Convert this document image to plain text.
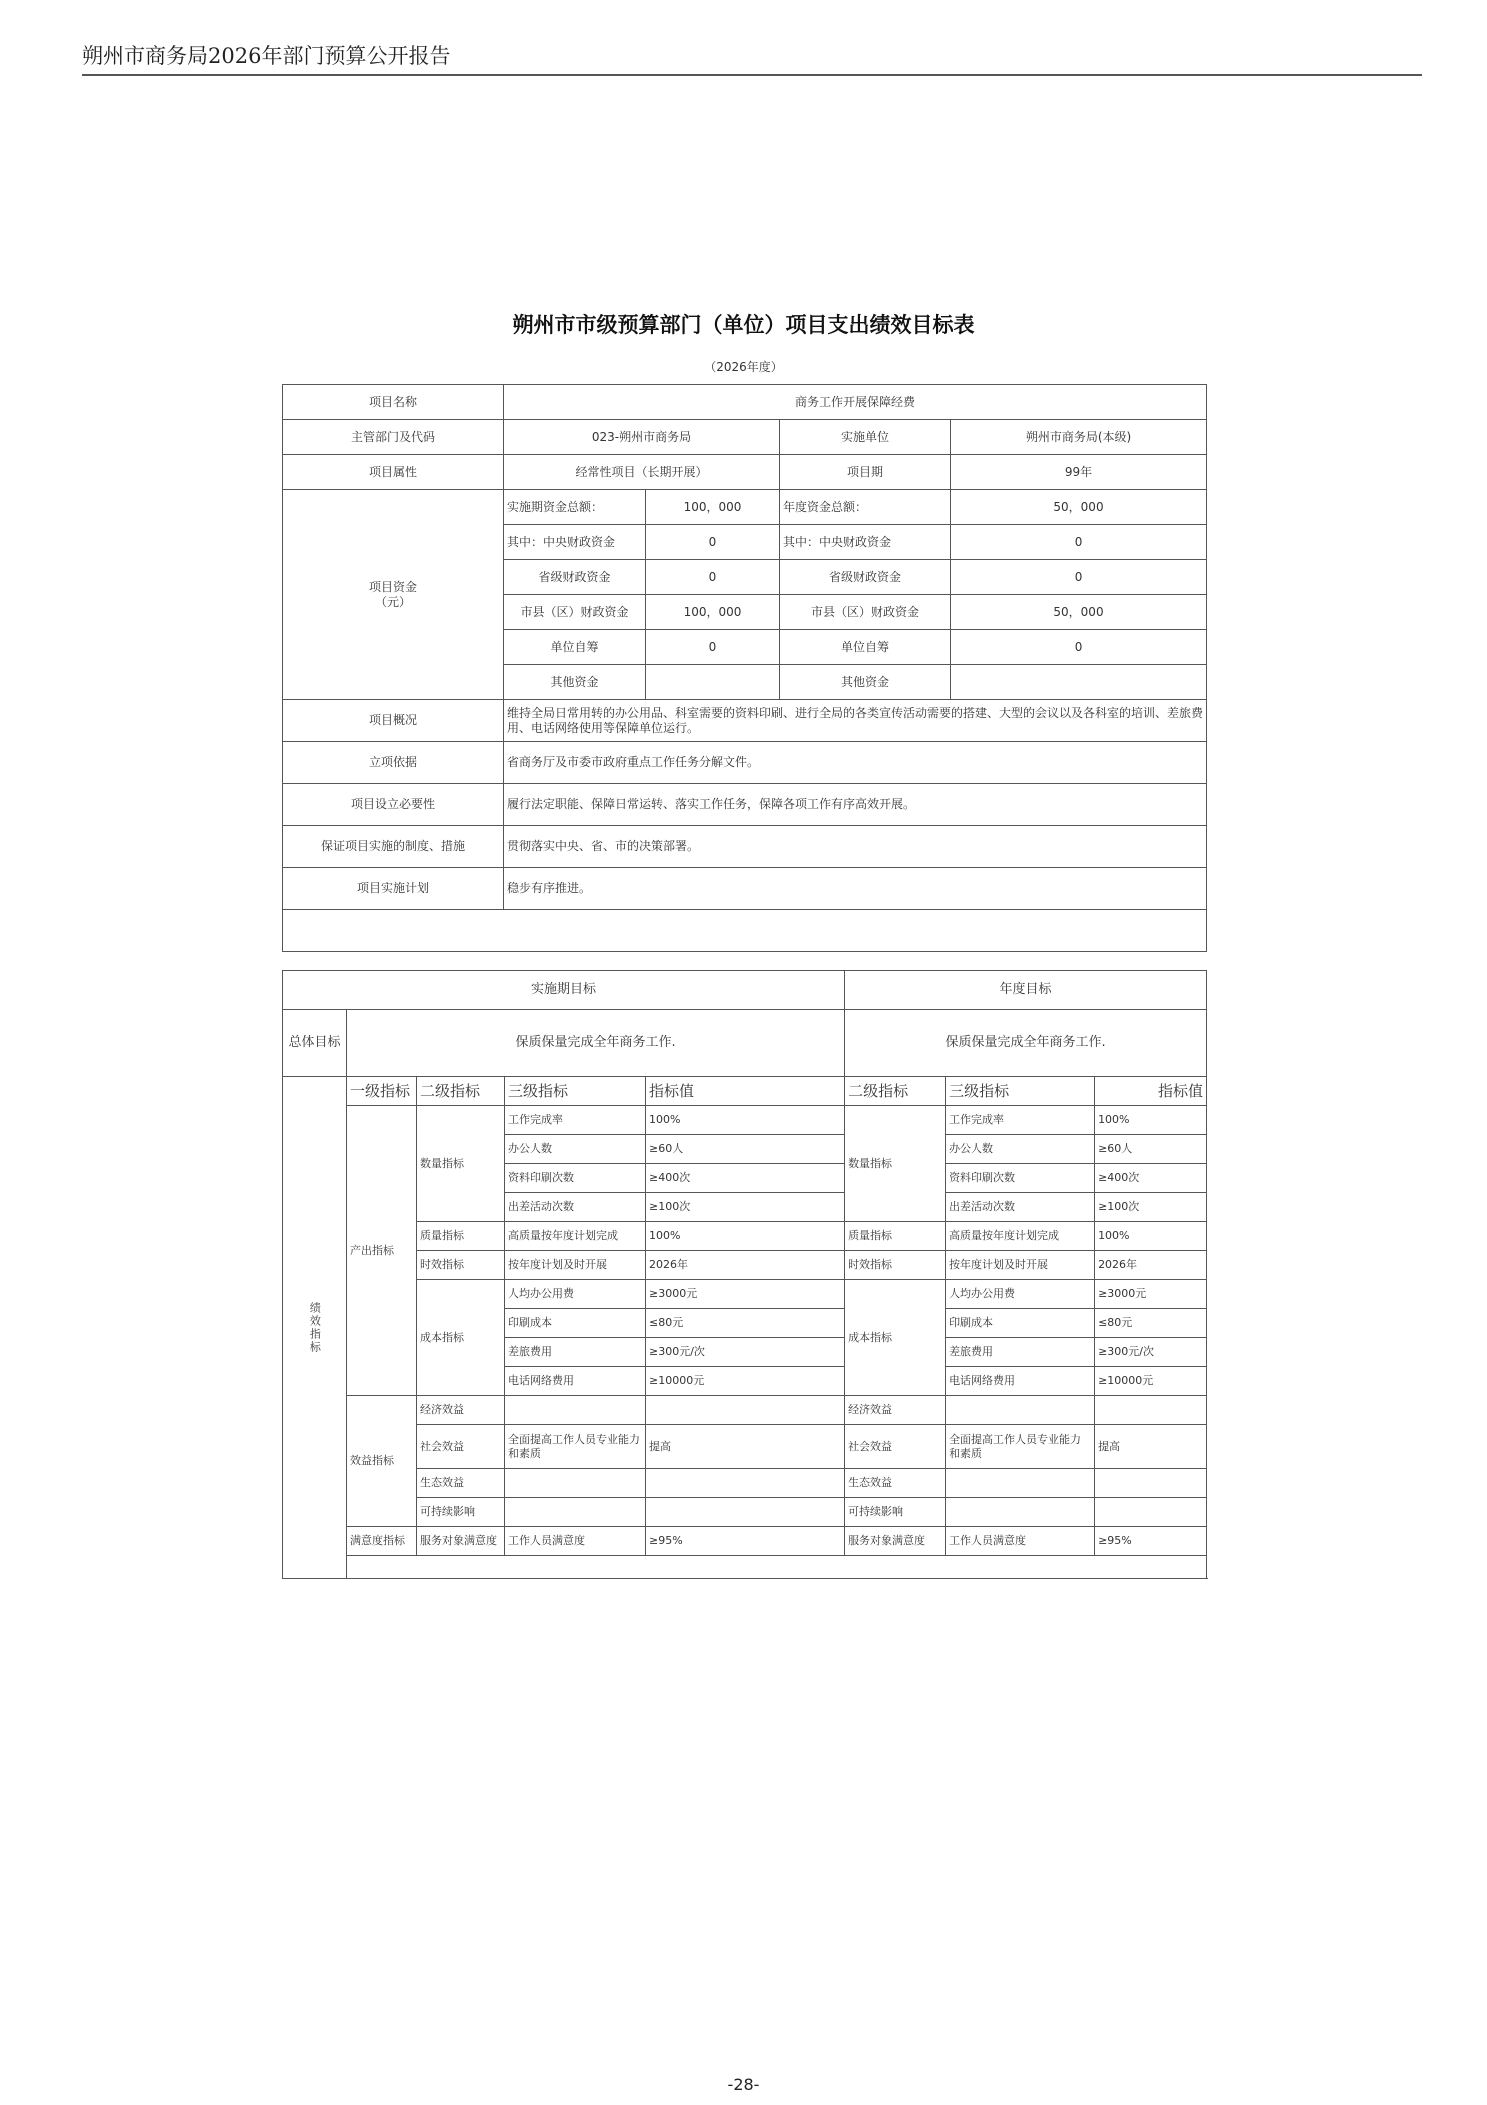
朔州市商务局2026年部门预算公开报告
朔州市市级预算部门（单位）项目支出绩效目标表
（2026年度）
项目名称	商务工作开展保障经费			
主管部门及代码	023-朔州市商务局		实施单位	朔州市商务局(本级)
项目属性	经常性项目（长期开展）		项目期	99年

项目资金
（元）	实施期资金总额：	100，000	年度资金总额：	50，000
	其中：中央财政资金	0	其中：中央财政资金	0
	省级财政资金	0	省级财政资金	0
	市县（区）财政资金	100，000	市县（区）财政资金	50，000
	单位自筹	0	单位自筹	0
	其他资金		其他资金	
项目概况	维持全局日常用转的办公用品、科室需要的资料印刷、进行全局的各类宣传活动需要的搭建、大型的会议以及各科室的培训、差旅费用、电话网络使用等保障单位运行。			
立项依据	省商务厅及市委市政府重点工作任务分解文件。			
项目设立必要性	履行法定职能、保障日常运转、落实工作任务，保障各项工作有序高效开展。			
保证项目实施的制度、措施	贯彻落实中央、省、市的决策部署。			
项目实施计划	稳步有序推进。			

实施期目标					年度目标		
总体目标	保质保量完成全年商务工作.				保质保量完成全年商务工作.		
绩效指标	一级指标	二级指标	三级指标	指标值	二级指标	三级指标	指标值
	产出指标	数量指标	工作完成率	100%	数量指标	工作完成率	100%
			办公人数	≥60人		办公人数	≥60人
			资料印刷次数	≥400次		资料印刷次数	≥400次
			出差活动次数	≥100次		出差活动次数	≥100次
		质量指标	高质量按年度计划完成	100%	质量指标	高质量按年度计划完成	100%
		时效指标	按年度计划及时开展	2026年	时效指标	按年度计划及时开展	2026年
		成本指标	人均办公用费	≥3000元	成本指标	人均办公用费	≥3000元
			印刷成本	≤80元		印刷成本	≤80元
			差旅费用	≥300元/次		差旅费用	≥300元/次
			电话网络费用	≥10000元		电话网络费用	≥10000元
	效益指标	经济效益			经济效益		
		社会效益	全面提高工作人员专业能力和素质	提高	社会效益	全面提高工作人员专业能力和素质	提高
		生态效益			生态效益		
		可持续影响			可持续影响		
	满意度指标	服务对象满意度	工作人员满意度	≥95%	服务对象满意度	工作人员满意度	≥95%

-28-
